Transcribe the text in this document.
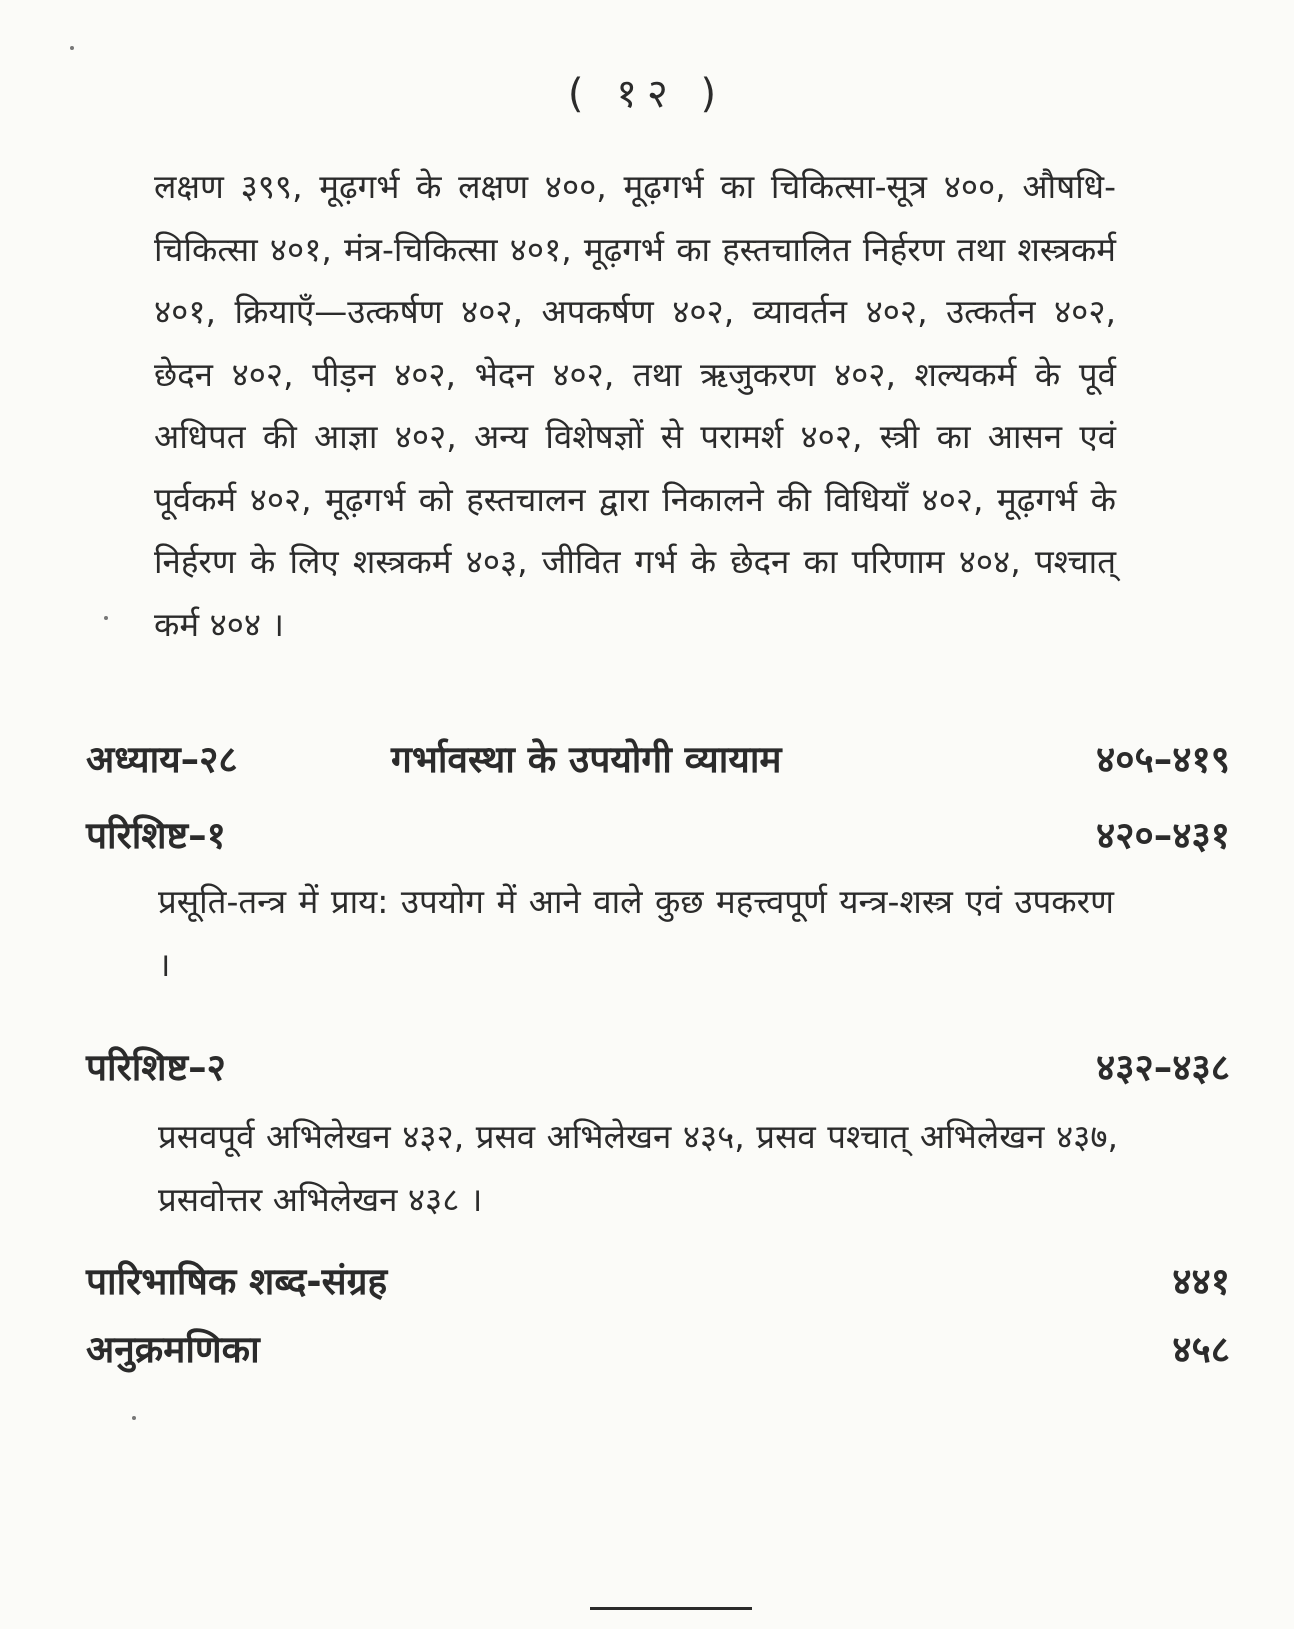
( १२ )

लक्षण ३९९, मूढ़गर्भ के लक्षण ४००, मूढ़गर्भ का चिकित्सा-सूत्र ४००, औषधि-चिकित्सा ४०१, मंत्र-चिकित्सा ४०१, मूढ़गर्भ का हस्तचालित निर्हरण तथा शस्त्रकर्म ४०१, क्रियाएँ—उत्कर्षण ४०२, अपकर्षण ४०२, व्यावर्तन ४०२, उत्कर्तन ४०२, छेदन ४०२, पीड़न ४०२, भेदन ४०२, तथा ऋजुकरण ४०२, शल्यकर्म के पूर्व अधिपत की आज्ञा ४०२, अन्य विशेषज्ञों से परामर्श ४०२, स्त्री का आसन एवं पूर्वकर्म ४०२, मूढ़गर्भ को हस्तचालन द्वारा निकालने की विधियाँ ४०२, मूढ़गर्भ के निर्हरण के लिए शस्त्रकर्म ४०३, जीवित गर्भ के छेदन का परिणाम ४०४, पश्चात् कर्म ४०४ ।

अध्याय–२८	गर्भावस्था के उपयोगी व्यायाम	४०५–४१९
परिशिष्ट–१	४२०–४३१

प्रसूति-तन्त्र में प्राय: उपयोग में आने वाले कुछ महत्त्वपूर्ण यन्त्र-शस्त्र एवं उपकरण ।

परिशिष्ट–२	४३२–४३८

प्रसवपूर्व अभिलेखन ४३२, प्रसव अभिलेखन ४३५, प्रसव पश्चात् अभिलेखन ४३७, प्रसवोत्तर अभिलेखन ४३८ ।

पारिभाषिक शब्द-संग्रह	४४१
अनुक्रमणिका	४५८
